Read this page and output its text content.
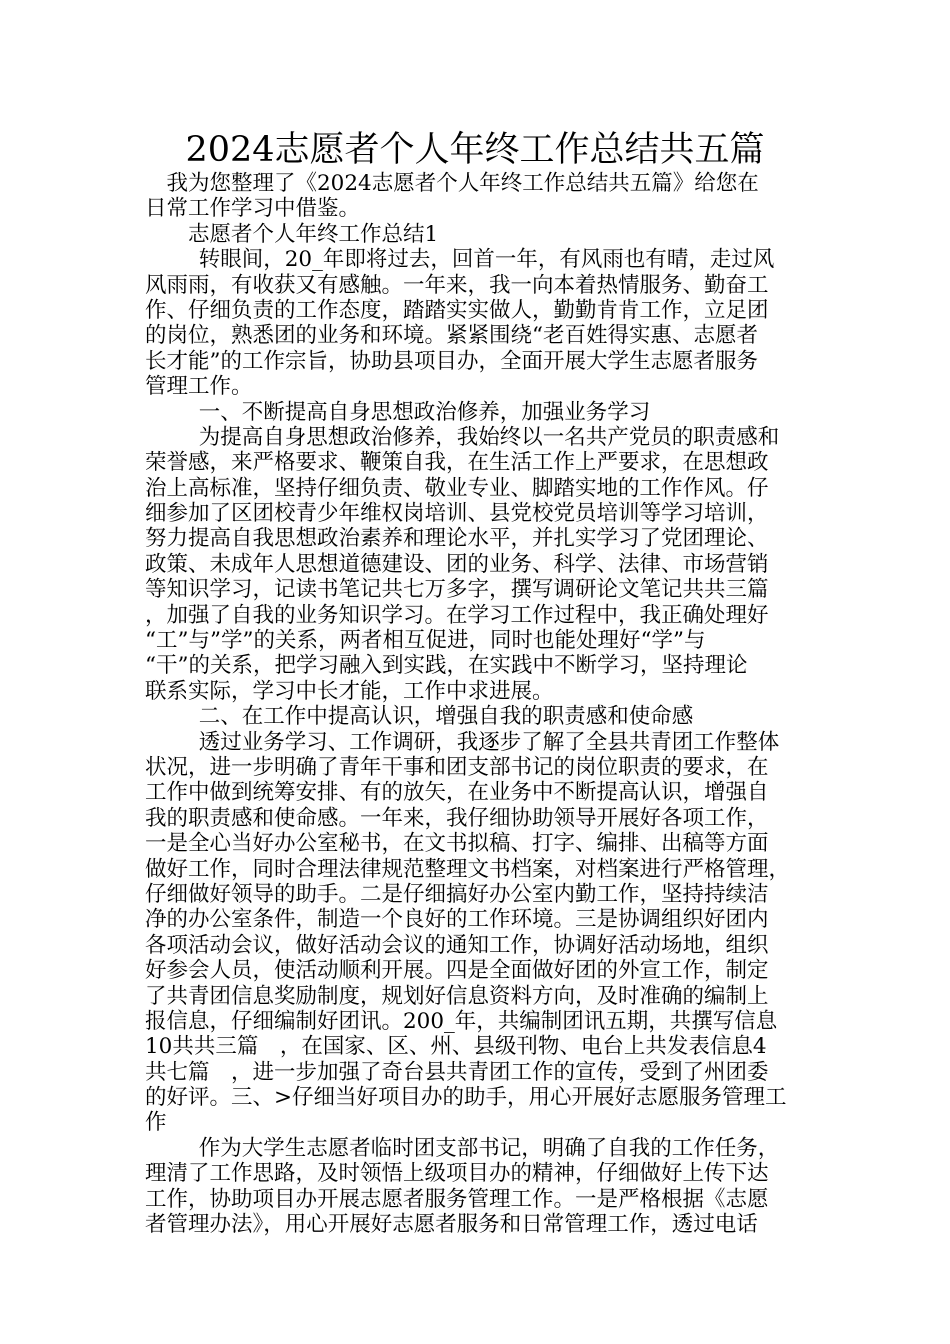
2024志愿者个人年终工作总结共五篇
我为您整理了《2024志愿者个人年终工作总结共五篇》给您在
日常工作学习中借鉴。
志愿者个人年终工作总结1
转眼间，20_年即将过去，回首一年，有风雨也有晴，走过风
风雨雨，有收获又有感触。一年来，我一向本着热情服务、勤奋工
作、仔细负责的工作态度，踏踏实实做人，勤勤肯肯工作，立足团
的岗位，熟悉团的业务和环境。紧紧围绕“老百姓得实惠、志愿者
长才能”的工作宗旨，协助县项目办，全面开展大学生志愿者服务
管理工作。
一、不断提高自身思想政治修养，加强业务学习
为提高自身思想政治修养，我始终以一名共产党员的职责感和
荣誉感，来严格要求、鞭策自我，在生活工作上严要求，在思想政
治上高标准，坚持仔细负责、敬业专业、脚踏实地的工作作风。仔
细参加了区团校青少年维权岗培训、县党校党员培训等学习培训，
努力提高自我思想政治素养和理论水平，并扎实学习了党团理论、
政策、未成年人思想道德建设、团的业务、科学、法律、市场营销
等知识学习，记读书笔记共七万多字，撰写调研论文笔记共共三篇
，加强了自我的业务知识学习。在学习工作过程中，我正确处理好
“工”与”学”的关系，两者相互促进，同时也能处理好“学”与
“干”的关系，把学习融入到实践，在实践中不断学习，坚持理论
联系实际，学习中长才能，工作中求进展。
二、在工作中提高认识，增强自我的职责感和使命感
透过业务学习、工作调研，我逐步了解了全县共青团工作整体
状况，进一步明确了青年干事和团支部书记的岗位职责的要求，在
工作中做到统筹安排、有的放矢，在业务中不断提高认识，增强自
我的职责感和使命感。一年来，我仔细协助领导开展好各项工作，
一是全心当好办公室秘书，在文书拟稿、打字、编排、出稿等方面
做好工作，同时合理法律规范整理文书档案，对档案进行严格管理，
仔细做好领导的助手。二是仔细搞好办公室内勤工作，坚持持续洁
净的办公室条件，制造一个良好的工作环境。三是协调组织好团内
各项活动会议，做好活动会议的通知工作，协调好活动场地，组织
好参会人员，使活动顺利开展。四是全面做好团的外宣工作，制定
了共青团信息奖励制度，规划好信息资料方向，及时准确的编制上
报信息，仔细编制好团讯。200_年，共编制团讯五期，共撰写信息
10共共三篇　，在国家、区、州、县级刊物、电台上共发表信息4
共七篇　，进一步加强了奇台县共青团工作的宣传，受到了州团委
的好评。三、>仔细当好项目办的助手，用心开展好志愿服务管理工
作
作为大学生志愿者临时团支部书记，明确了自我的工作任务，
理清了工作思路，及时领悟上级项目办的精神，仔细做好上传下达
工作，协助项目办开展志愿者服务管理工作。一是严格根据《志愿
者管理办法》，用心开展好志愿者服务和日常管理工作，透过电话
